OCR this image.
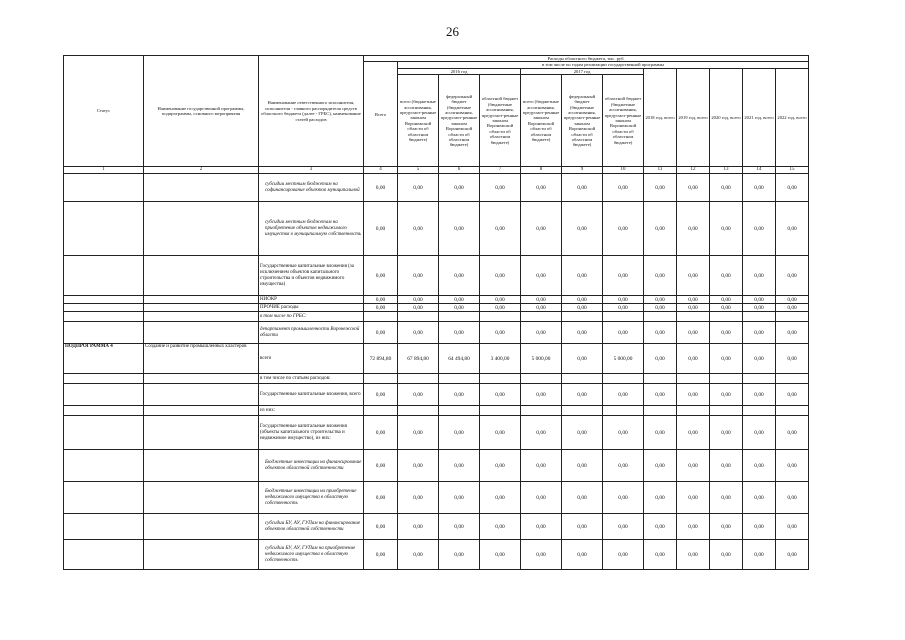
26
Статус	Наименование государственной программы, подпрограммы, основного мероприятия	Наименование ответственного исполнителя, исполнителя - главного распорядителя средств областного бюджета (далее - ГРБС), наименование статей расходов	Расходы областного бюджета, тыс. руб.											
			Всего	в том числе по годам реализации государственной программы										
				2016 год			2017 год			2018 год, всего	2019 год, всего	2020 год, всего	2021 год, всего	2022 год, всего
				всего (бюджетные ассигнования, предусмот-ренные законом Воронежской области об областном бюджете)	федеральный бюджет (бюджетные ассигнования, предусмот-ренные законом Воронежской области об областном бюджете)	областной бюджет (бюджетные ассигнования, предусмот-ренные законом Воронежской области об областном бюджете)	всего (бюджетные ассигнования, предусмот-ренные законом Воронежской области об областном бюджете)	федеральный бюджет (бюджетные ассигнования, предусмот-ренные законом Воронежской области об областном бюджете)	областной бюджет (бюджетные ассигнования, предусмот-ренные законом Воронежской области об областном бюджете)					
1	2	3	4	5	6	7	8	9	10	11	12	13	14	15
		субсидии местным бюджетам на софинансирование объектов муниципальной	0,00	0,00	0,00	0,00	0,00	0,00	0,00	0,00	0,00	0,00	0,00	0,00
		субсидии местным бюджетам на приобретение объектов недвижимого имущества в муниципальную собственность	0,00	0,00	0,00	0,00	0,00	0,00	0,00	0,00	0,00	0,00	0,00	0,00
		Государственные капитальные вложения (за исключением объектов капитального строительства и объектов недвижимого имущества)	0,00	0,00	0,00	0,00	0,00	0,00	0,00	0,00	0,00	0,00	0,00	0,00
		НИОКР	0,00	0,00	0,00	0,00	0,00	0,00	0,00	0,00	0,00	0,00	0,00	0,00
		ПРОЧИЕ расходы	0,00	0,00	0,00	0,00	0,00	0,00	0,00	0,00	0,00	0,00	0,00	0,00
		в том числе по ГРБС:												
		департамент промышленности Воронежской области	0,00	0,00	0,00	0,00	0,00	0,00	0,00	0,00	0,00	0,00	0,00	0,00
ПОДПРОГРАММА 4	Создание и развитие промышленных кластеров	всего	72 894,80	67 894,80	64 494,80	3 400,00	5 000,00	0,00	5 000,00	0,00	0,00	0,00	0,00	0,00
		в том числе по статьям расходов:												
		Государственные капитальные вложения, всего	0,00	0,00	0,00	0,00	0,00	0,00	0,00	0,00	0,00	0,00	0,00	0,00
		из них:												
		Государственные капитальные вложения (объекты капитального строительства и недвижимое имущество), из них:	0,00	0,00	0,00	0,00	0,00	0,00	0,00	0,00	0,00	0,00	0,00	0,00
		Бюджетные инвестиции на финансирование объектов областной собственности	0,00	0,00	0,00	0,00	0,00	0,00	0,00	0,00	0,00	0,00	0,00	0,00
		Бюджетные инвестиции на приобретение недвижимого имущества в областную собственность	0,00	0,00	0,00	0,00	0,00	0,00	0,00	0,00	0,00	0,00	0,00	0,00
		субсидии БУ, АУ, ГУПам на финансирование объектов областной собственности	0,00	0,00	0,00	0,00	0,00	0,00	0,00	0,00	0,00	0,00	0,00	0,00
		субсидии БУ, АУ, ГУПам на приобретение недвижимого имущества в областную собственность	0,00	0,00	0,00	0,00	0,00	0,00	0,00	0,00	0,00	0,00	0,00	0,00
